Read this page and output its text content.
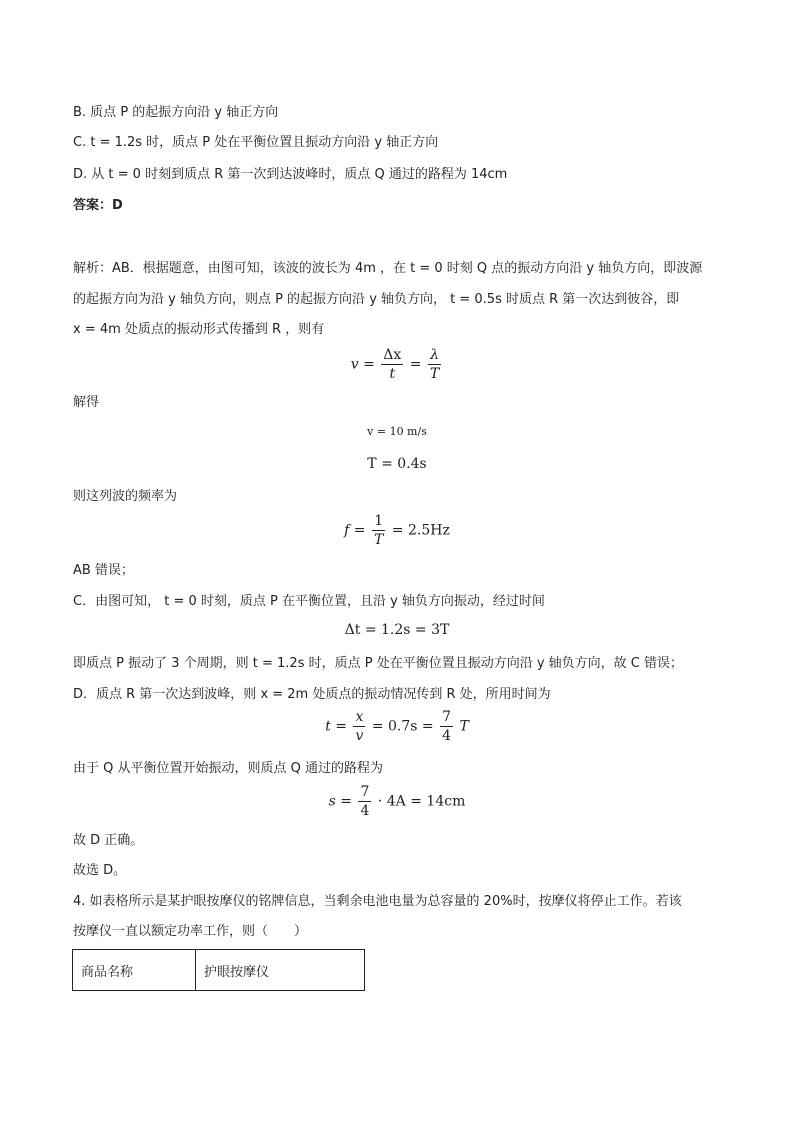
B. 质点 P 的起振方向沿 y 轴正方向
C. t = 1.2s 时，质点 P 处在平衡位置且振动方向沿 y 轴正方向
D. 从 t = 0 时刻到质点 R 第一次到达波峰时，质点 Q 通过的路程为 14cm
答案：D
解析：AB．根据题意，由图可知，该波的波长为 4m ，在 t = 0 时刻 Q 点的振动方向沿 y 轴负方向，即波源
的起振方向为沿 y 轴负方向，则点 P 的起振方向沿 y 轴负方向， t = 0.5s 时质点 R 第一次达到彼谷，即
x = 4m 处质点的振动形式传播到 R ，则有
$v = \frac{\Delta x}{t} = \frac{\lambda}{T}$
解得
v = 10 m/s
T = 0.4s
则这列波的频率为
$f = \frac{1}{T} = 2.5Hz$
AB 错误；
C．由图可知， t = 0 时刻，质点 P 在平衡位置，且沿 y 轴负方向振动，经过时间
Δt = 1.2s = 3T
即质点 P 振动了 3 个周期，则 t = 1.2s 时，质点 P 处在平衡位置且振动方向沿 y 轴负方向，故 C 错误；
D．质点 R 第一次达到波峰，则 x = 2m 处质点的振动情况传到 R 处，所用时间为
$t = \frac{x}{v} = 0.7s = \frac{7}{4}$ T
由于 Q 从平衡位置开始振动，则质点 Q 通过的路程为
$s = \frac{7}{4} \cdot 4A = 14cm$
故 D 正确。
故选 D。
4. 如表格所示是某护眼按摩仪的铭牌信息，当剩余电池电量为总容量的 20%时，按摩仪将停止工作。若该
按摩仪一直以额定功率工作，则（　　）
商品名称	护眼按摩仪
